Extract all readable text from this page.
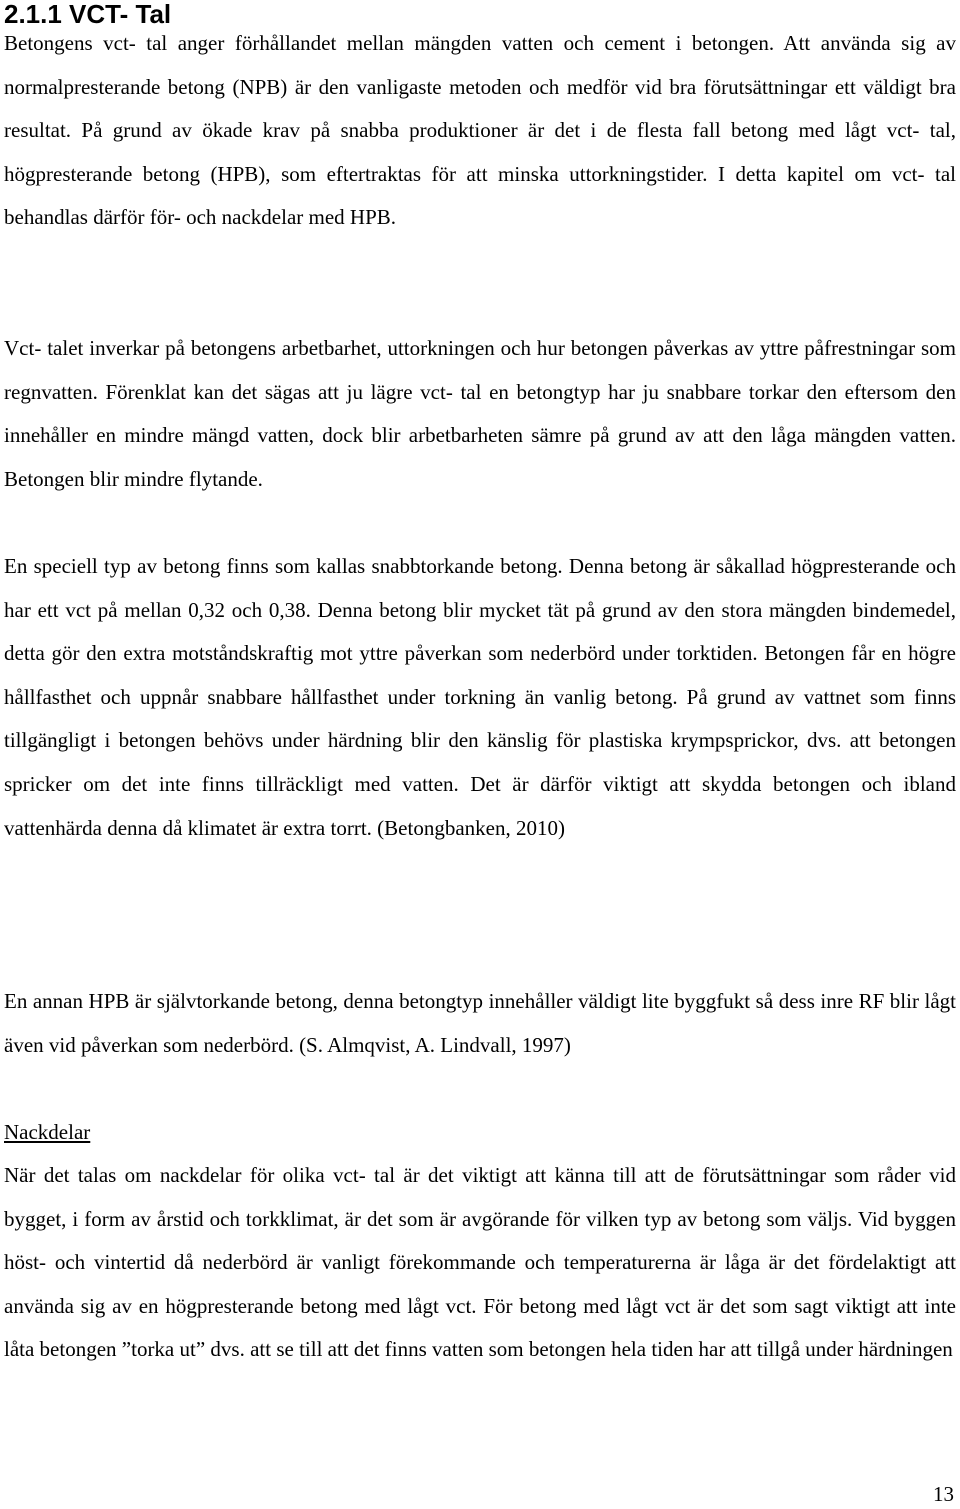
2.1.1 VCT- Tal

Betongens vct- tal anger förhållandet mellan mängden vatten och cement i betongen. Att använda sig av normalpresterande betong (NPB) är den vanligaste metoden och medför vid bra förutsättningar ett väldigt bra resultat. På grund av ökade krav på snabba produktioner är det i de flesta fall betong med lågt vct- tal, högpresterande betong (HPB), som eftertraktas för att minska uttorkningstider. I detta kapitel om vct- tal behandlas därför för- och nackdelar med HPB.

Vct- talet inverkar på betongens arbetbarhet, uttorkningen och hur betongen påverkas av yttre påfrestningar som regnvatten. Förenklat kan det sägas att ju lägre vct- tal en betongtyp har ju snabbare torkar den eftersom den innehåller en mindre mängd vatten, dock blir arbetbarheten sämre på grund av att den låga mängden vatten. Betongen blir mindre flytande.

En speciell typ av betong finns som kallas snabbtorkande betong. Denna betong är såkallad högpresterande och har ett vct på mellan 0,32 och 0,38. Denna betong blir mycket tät på grund av den stora mängden bindemedel, detta gör den extra motståndskraftig mot yttre påverkan som nederbörd under torktiden. Betongen får en högre hållfasthet och uppnår snabbare hållfasthet under torkning än vanlig betong. På grund av vattnet som finns tillgängligt i betongen behövs under härdning blir den känslig för plastiska krympsprickor, dvs. att betongen spricker om det inte finns tillräckligt med vatten. Det är därför viktigt att skydda betongen och ibland vattenhärda denna då klimatet är extra torrt. (Betongbanken, 2010)

En annan HPB är självtorkande betong, denna betongtyp innehåller väldigt lite byggfukt så dess inre RF blir lågt även vid påverkan som nederbörd. (S. Almqvist, A. Lindvall, 1997)

Nackdelar

När det talas om nackdelar för olika vct- tal är det viktigt att känna till att de förutsättningar som råder vid bygget, i form av årstid och torkklimat, är det som är avgörande för vilken typ av betong som väljs. Vid byggen höst- och vintertid då nederbörd är vanligt förekommande och temperaturerna är låga är det fördelaktigt att använda sig av en högpresterande betong med lågt vct. För betong med lågt vct är det som sagt viktigt att inte låta betongen ”torka ut” dvs. att se till att det finns vatten som betongen hela tiden har att tillgå under härdningen

13
